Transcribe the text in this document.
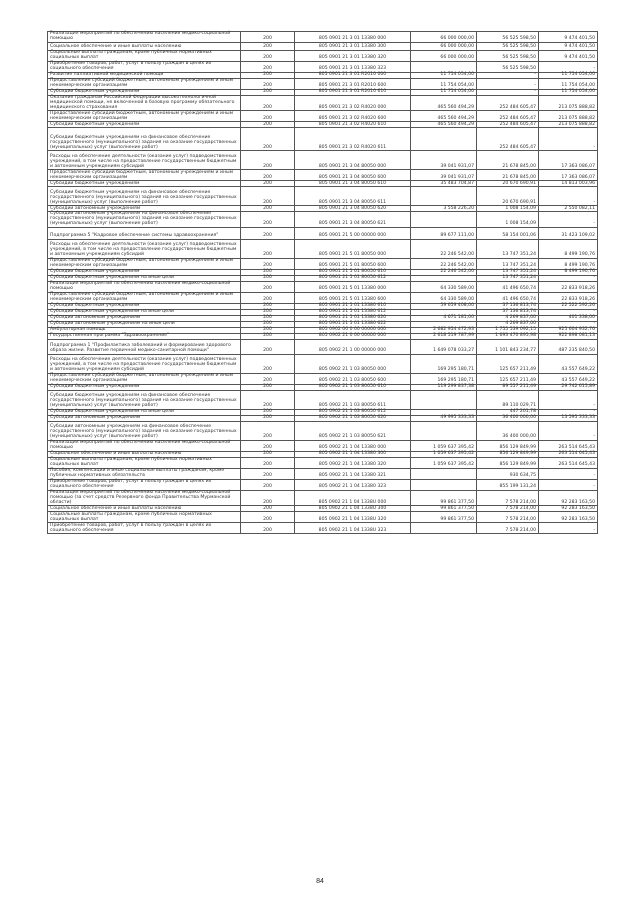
Реализация мероприятий по обеспечению населения медико-социальной помощью	200	805 0901 21 3 01 13380 000	66 000 000,00	56 525 598,50	9 474 401,50
Социальное обеспечение и иные выплаты населению	200	805 0901 21 3 01 13380 300	66 000 000,00	56 525 598,50	9 474 401,50
Социальные выплаты гражданам, кроме публичных нормативных социальных выплат	200	805 0901 21 3 01 13380 320	66 000 000,00	56 525 598,50	9 474 401,50
Приобретение товаров, работ, услуг в пользу граждан в целях их социального обеспечения	200	805 0901 21 3 01 13380 323		56 525 598,50	-
Развитие паллиативной медицинской помощи	200	805 0901 21 3 01 R2010 000	11 754 054,00	-	11 754 054,00
Предоставление субсидий бюджетным, автономным учреждениям и иным некоммерческим организациям	200	805 0901 21 3 01 R2010 600	11 754 054,00	-	11 754 054,00
Субсидии бюджетным учреждениям	200	805 0901 21 3 01 R2010 610	11 754 054,00	-	11 754 054,00
Оказание гражданам Российской Федерации высокотехнологичной медицинской помощи, не включенной в базовую программу обязательного медицинского страхования	200	805 0901 21 3 02 R4020 000	465 560 494,29	252 484 605,47	213 075 888,82
Предоставление субсидий бюджетным, автономным учреждениям и иным некоммерческим организациям	200	805 0901 21 3 02 R4020 600	465 560 494,29	252 484 605,47	213 075 888,82
Субсидии бюджетным учреждениям	200	805 0901 21 3 02 R4020 610	465 560 494,29	252 484 605,47	213 075 888,82
Субсидии бюджетным учреждениям на финансовое обеспечение государственного (муниципального) задания на оказание государственных (муниципальных) услуг (выполнение работ)	200	805 0901 21 3 02 R4020 611		252 484 605,47	-
Расходы на обеспечение деятельности (оказание услуг) подведомственных учреждений, в том числе на предоставление государственным бюджетным и автономным учреждениям субсидий	200	805 0901 21 3 04 80050 000	39 041 931,07	21 678 845,00	17 363 086,07
Предоставление субсидий бюджетным, автономным учреждениям и иным некоммерческим организациям	200	805 0901 21 3 04 80050 600	39 041 931,07	21 678 845,00	17 363 086,07
Субсидии бюджетным учреждениям	200	805 0901 21 3 04 80050 610	35 483 704,87	20 670 690,91	14 813 003,96
Субсидии бюджетным учреждениям на финансовое обеспечение государственного (муниципального) задания на оказание государственных (муниципальных) услуг (выполнение работ)	200	805 0901 21 3 04 80050 611		20 670 690,91	-
Субсидии автономным учреждениям	200	805 0901 21 3 04 80050 620	3 558 226,20	1 008 154,09	2 550 082,11
Субсидии автономным учреждениям на финансовое обеспечение государственного (муниципального) задания на оказание государственных (муниципальных) услуг (выполнение работ)	200	805 0901 21 3 04 80050 621		1 008 154,09	-
Подпрограмма 5 "Кадровое обеспечение системы здравоохранения"	200	805 0901 21 5 00 00000 000	89 677 111,00	58 154 001,06	31 423 109,02
Расходы на обеспечение деятельности (оказание услуг) подведомственных учреждений, в том числе на предоставление государственным бюджетным и автономным учреждениям субсидий	200	805 0901 21 5 01 80050 000	22 246 542,00	13 747 351,24	8 499 190,76
Предоставление субсидий бюджетным, автономным учреждениям и иным некоммерческим организациям	200	805 0901 21 5 01 80050 600	22 246 542,00	13 747 351,24	8 499 190,76
Субсидии бюджетным учреждениям	200	805 0901 21 5 01 80050 610	22 246 542,00	13 747 351,24	8 499 190,76
Субсидии бюджетным учреждениям на иные цели	200	805 0901 21 5 01 80050 612		13 747 351,24	-
Реализация мероприятий по обеспечению населения медико-социальной помощью	200	805 0901 21 5 01 13380 000	64 330 589,00	41 496 650,74	22 833 918,26
Предоставление субсидий бюджетным, автономным учреждениям и иным некоммерческим организациям	200	805 0901 21 5 01 13380 600	64 330 589,00	41 496 650,74	22 833 918,26
Субсидии бюджетным учреждениям	200	805 0901 21 5 01 13380 610	59 659 408,00	37 136 813,74	22 522 592,26
Субсидии бюджетным учреждениям на иные цели	200	805 0901 21 5 01 13380 612		37 136 813,74	-
Субсидии автономным учреждениям	200	805 0901 21 5 01 13380 620	4 671 181,00	4 269 837,00	401 338,00
Субсидии автономным учреждениям на иные цели	200	805 0901 21 5 01 13380 622		4 269 837,00	-
Амбулаторная помощь	200	805 0902 00 0 00 00000 000	2 682 954 472,93	1 755 539 092,15	925 604 932,76
Государственная программа "Здравоохранение"	200	805 0902 21 0 00 00000 000	2 618 519 787,99	1 693 470 895,98	922 898 081,13
Подпрограмма 1 "Профилактика заболеваний и формирование здорового образа жизни. Развитие первичной медико-санитарной помощи"	200	805 0902 21 1 00 00000 000	1 649 078 033,27	1 101 843 234,77	487 235 840,50
Расходы на обеспечение деятельности (оказание услуг) подведомственных учреждений, в том числе на предоставление государственным бюджетным и автономным учреждениям субсидий	200	805 0902 21 1 03 80050 000	169 295 180,71	125 657 211,49	43 557 649,22
Предоставление субсидий бюджетным, автономным учреждениям и иным некоммерческим организациям	200	805 0902 21 1 03 80050 600	169 295 180,71	125 657 211,49	43 557 649,22
Субсидии бюджетным учреждениям	200	805 0902 21 1 03 80050 610	119 299 837,38	89 557 211,49	29 742 615,89
Субсидии бюджетным учреждениям на финансовое обеспечение государственного (муниципального) задания на оказание государственных (муниципальных) услуг (выполнение работ)	200	805 0902 21 1 03 80050 611		89 110 029,71	-
Субсидии бюджетным учреждениям на иные цели	200	805 0902 21 1 03 80050 612		447 201,78	-
Субсидии автономным учреждениям	200	805 0902 21 1 03 80050 620	49 995 333,33	36 400 000,00	13 595 333,33
Субсидии автономным учреждениям на финансовое обеспечение государственного (муниципального) задания на оказание государственных (муниципальных) услуг (выполнение работ)	200	805 0902 21 1 03 80050 621		36 400 000,00	-
Реализация мероприятий по обеспечению населения медико-социальной помощью	200	805 0902 21 1 04 13380 000	1 059 637 395,42	856 129 849,99	263 514 645,43
Социальное обеспечение и иные выплаты населению	200	805 0902 21 1 04 13380 300	1 059 637 395,42	856 129 849,99	263 514 645,43
Социальные выплаты гражданам, кроме публичных нормативных социальных выплат	200	805 0902 21 1 04 13380 320	1 059 637 395,42	856 129 849,99	263 514 645,43
Пособия, компенсации и иные социальные выплаты гражданам, кроме публичных нормативных обязательств	200	805 0902 21 1 04 13380 321		930 634,75	-
Приобретение товаров, работ, услуг в пользу граждан в целях их социального обеспечения	200	805 0902 21 1 04 13380 323		855 199 131,24	-
Реализация мероприятий по обеспечению населения медико-социальной помощью (за счет средств Резервного фонда Правительства Мурманской области)	200	805 0902 21 1 04 1338U 000	99 861 377,50	7 578 214,00	92 283 163,50
Социальное обеспечение и иные выплаты населению	200	805 0902 21 1 04 1338U 300	99 861 377,50	7 578 214,00	92 283 163,50
Социальные выплаты гражданам, кроме публичных нормативных социальных выплат	200	805 0902 21 1 04 1338U 320	99 861 377,50	7 578 214,00	92 283 163,50
Приобретение товаров, работ, услуг в пользу граждан в целях их социального обеспечения	200	805 0902 21 1 04 1338U 323		7 578 214,00	-
84
